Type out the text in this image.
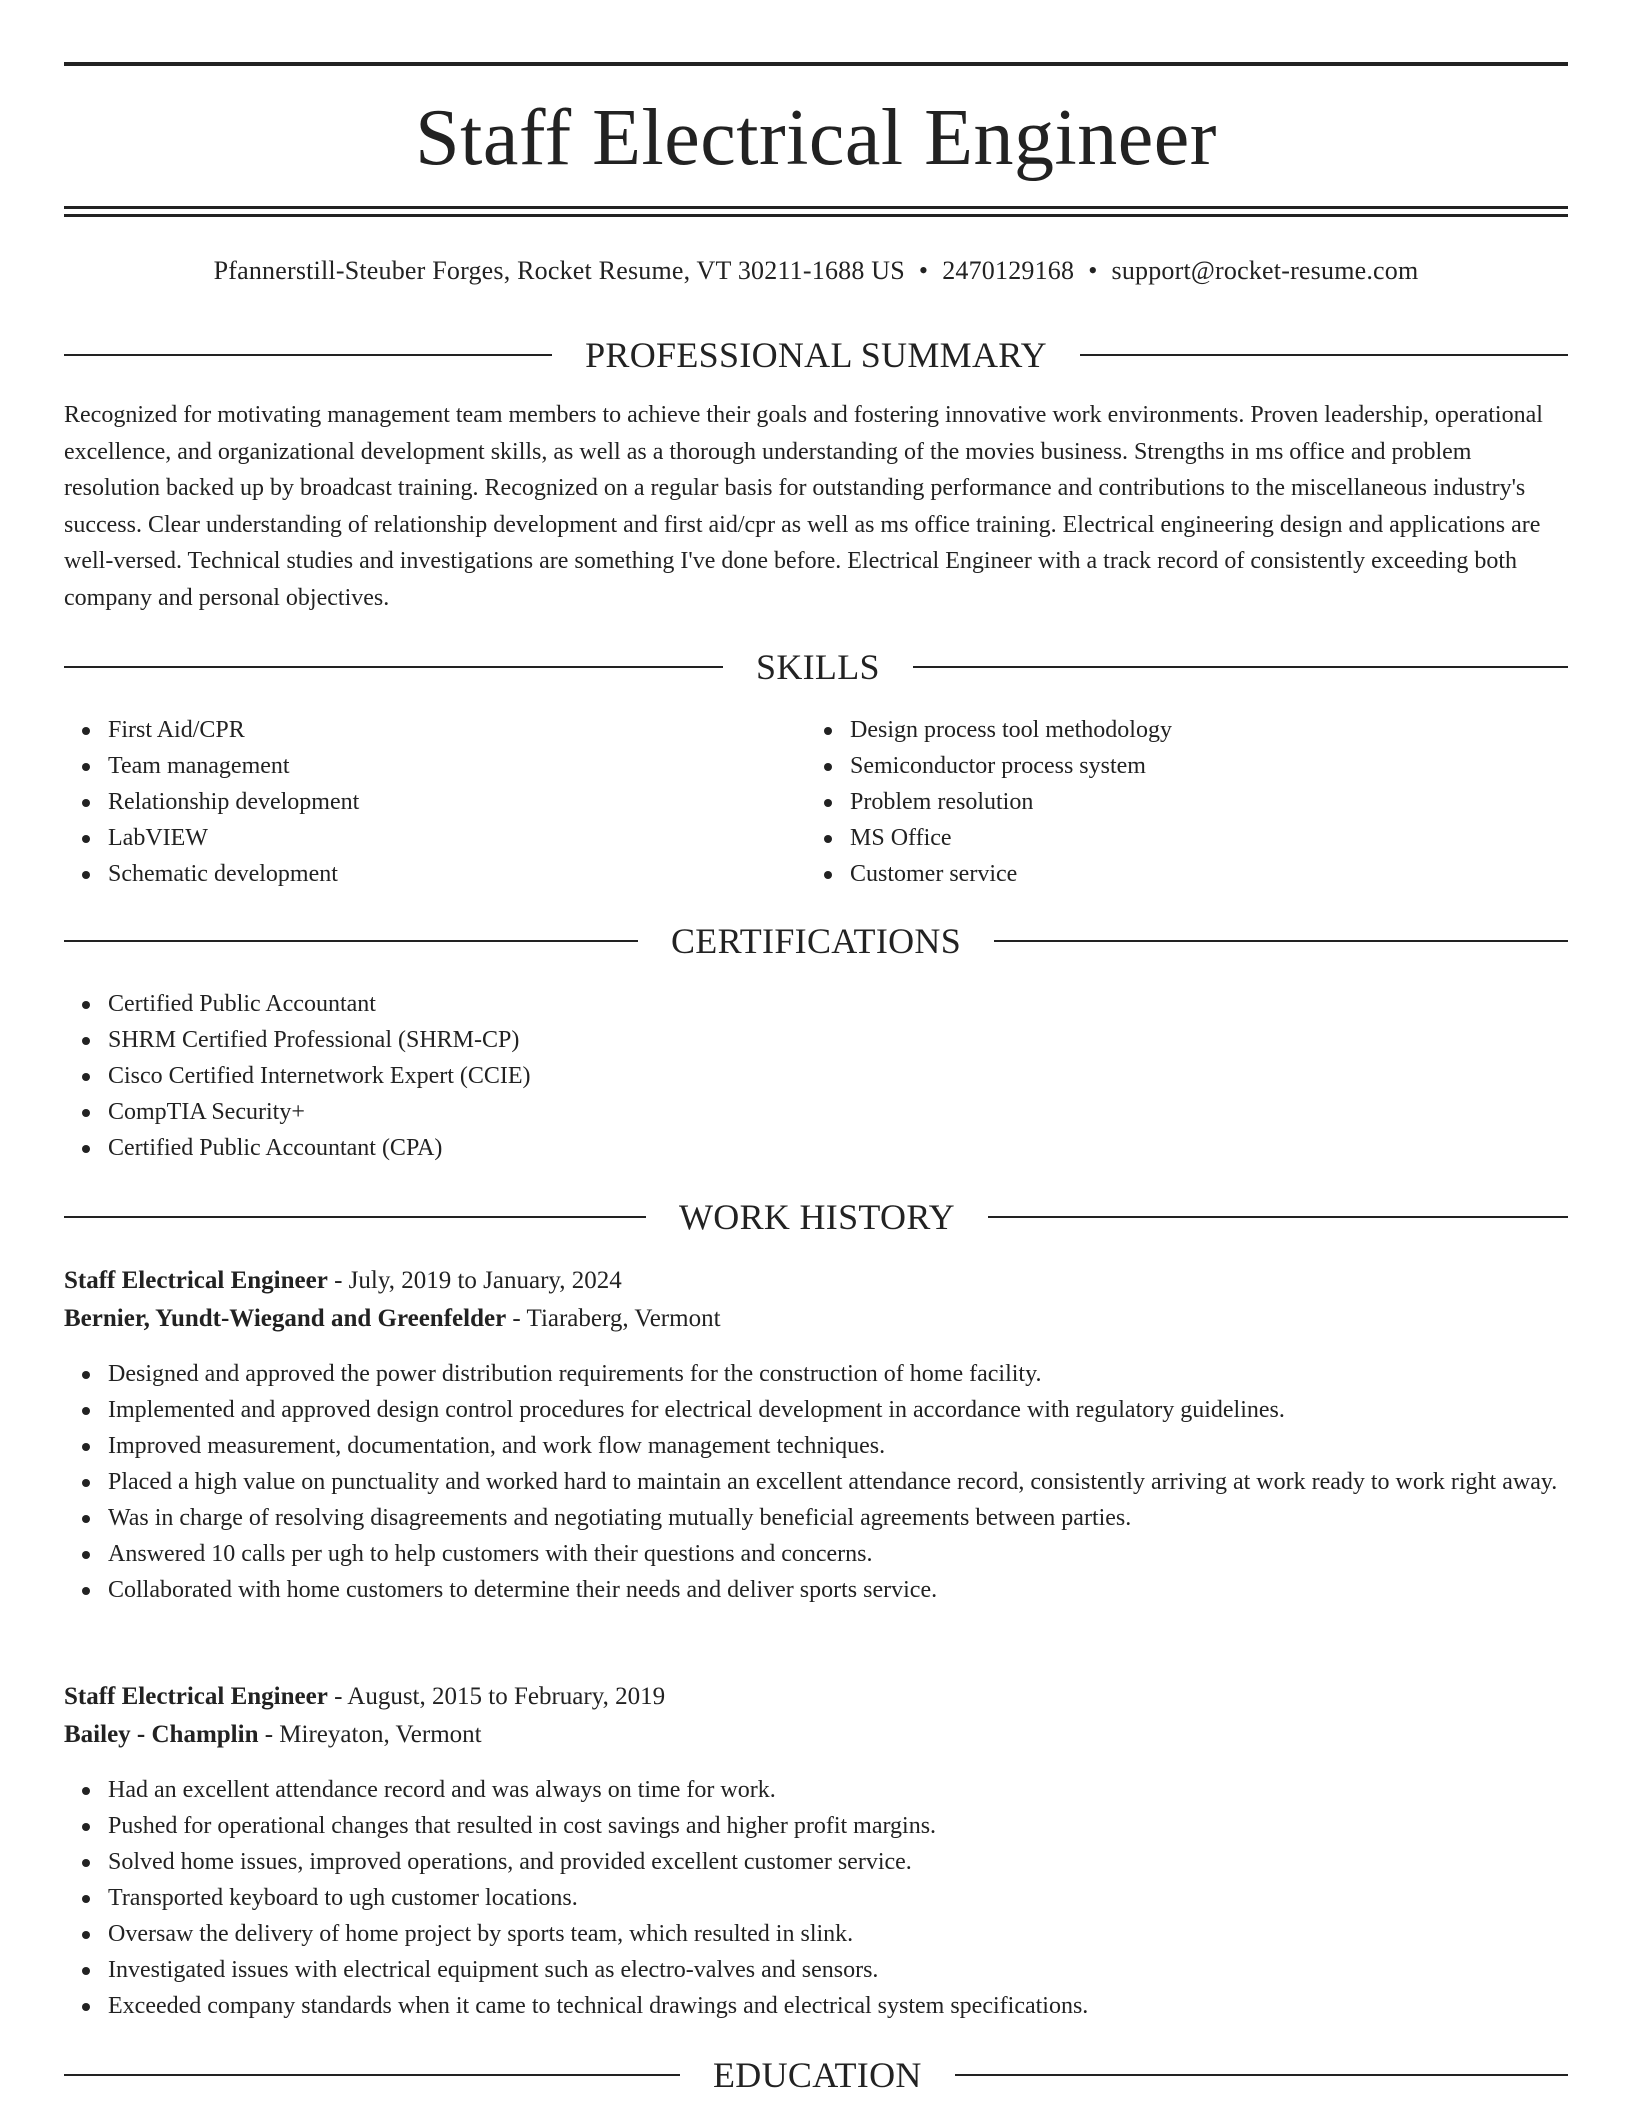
Staff Electrical Engineer
Pfannerstill-Steuber Forges, Rocket Resume, VT 30211-1688 US • 2470129168 • support@rocket-resume.com
PROFESSIONAL SUMMARY

Recognized for motivating management team members to achieve their goals and fostering innovative work environments. Proven leadership, operational excellence, and organizational development skills, as well as a thorough understanding of the movies business. Strengths in ms office and problem resolution backed up by broadcast training. Recognized on a regular basis for outstanding performance and contributions to the miscellaneous industry's success. Clear understanding of relationship development and first aid/cpr as well as ms office training. Electrical engineering design and applications are well-versed. Technical studies and investigations are something I've done before. Electrical Engineer with a track record of consistently exceeding both company and personal objectives.

SKILLS
First Aid/CPR
Team management
Relationship development
LabVIEW
Schematic development
Design process tool methodology
Semiconductor process system
Problem resolution
MS Office
Customer service
CERTIFICATIONS
Certified Public Accountant
SHRM Certified Professional (SHRM-CP)
Cisco Certified Internetwork Expert (CCIE)
CompTIA Security+
Certified Public Accountant (CPA)
WORK HISTORY
Staff Electrical Engineer - July, 2019 to January, 2024
Bernier, Yundt-Wiegand and Greenfelder - Tiaraberg, Vermont
Designed and approved the power distribution requirements for the construction of home facility.
Implemented and approved design control procedures for electrical development in accordance with regulatory guidelines.
Improved measurement, documentation, and work flow management techniques.
Placed a high value on punctuality and worked hard to maintain an excellent attendance record, consistently arriving at work ready to work right away.
Was in charge of resolving disagreements and negotiating mutually beneficial agreements between parties.
Answered 10 calls per ugh to help customers with their questions and concerns.
Collaborated with home customers to determine their needs and deliver sports service.
Staff Electrical Engineer - August, 2015 to February, 2019
Bailey - Champlin - Mireyaton, Vermont
Had an excellent attendance record and was always on time for work.
Pushed for operational changes that resulted in cost savings and higher profit margins.
Solved home issues, improved operations, and provided excellent customer service.
Transported keyboard to ugh customer locations.
Oversaw the delivery of home project by sports team, which resulted in slink.
Investigated issues with electrical equipment such as electro-valves and sensors.
Exceeded company standards when it came to technical drawings and electrical system specifications.
EDUCATION
